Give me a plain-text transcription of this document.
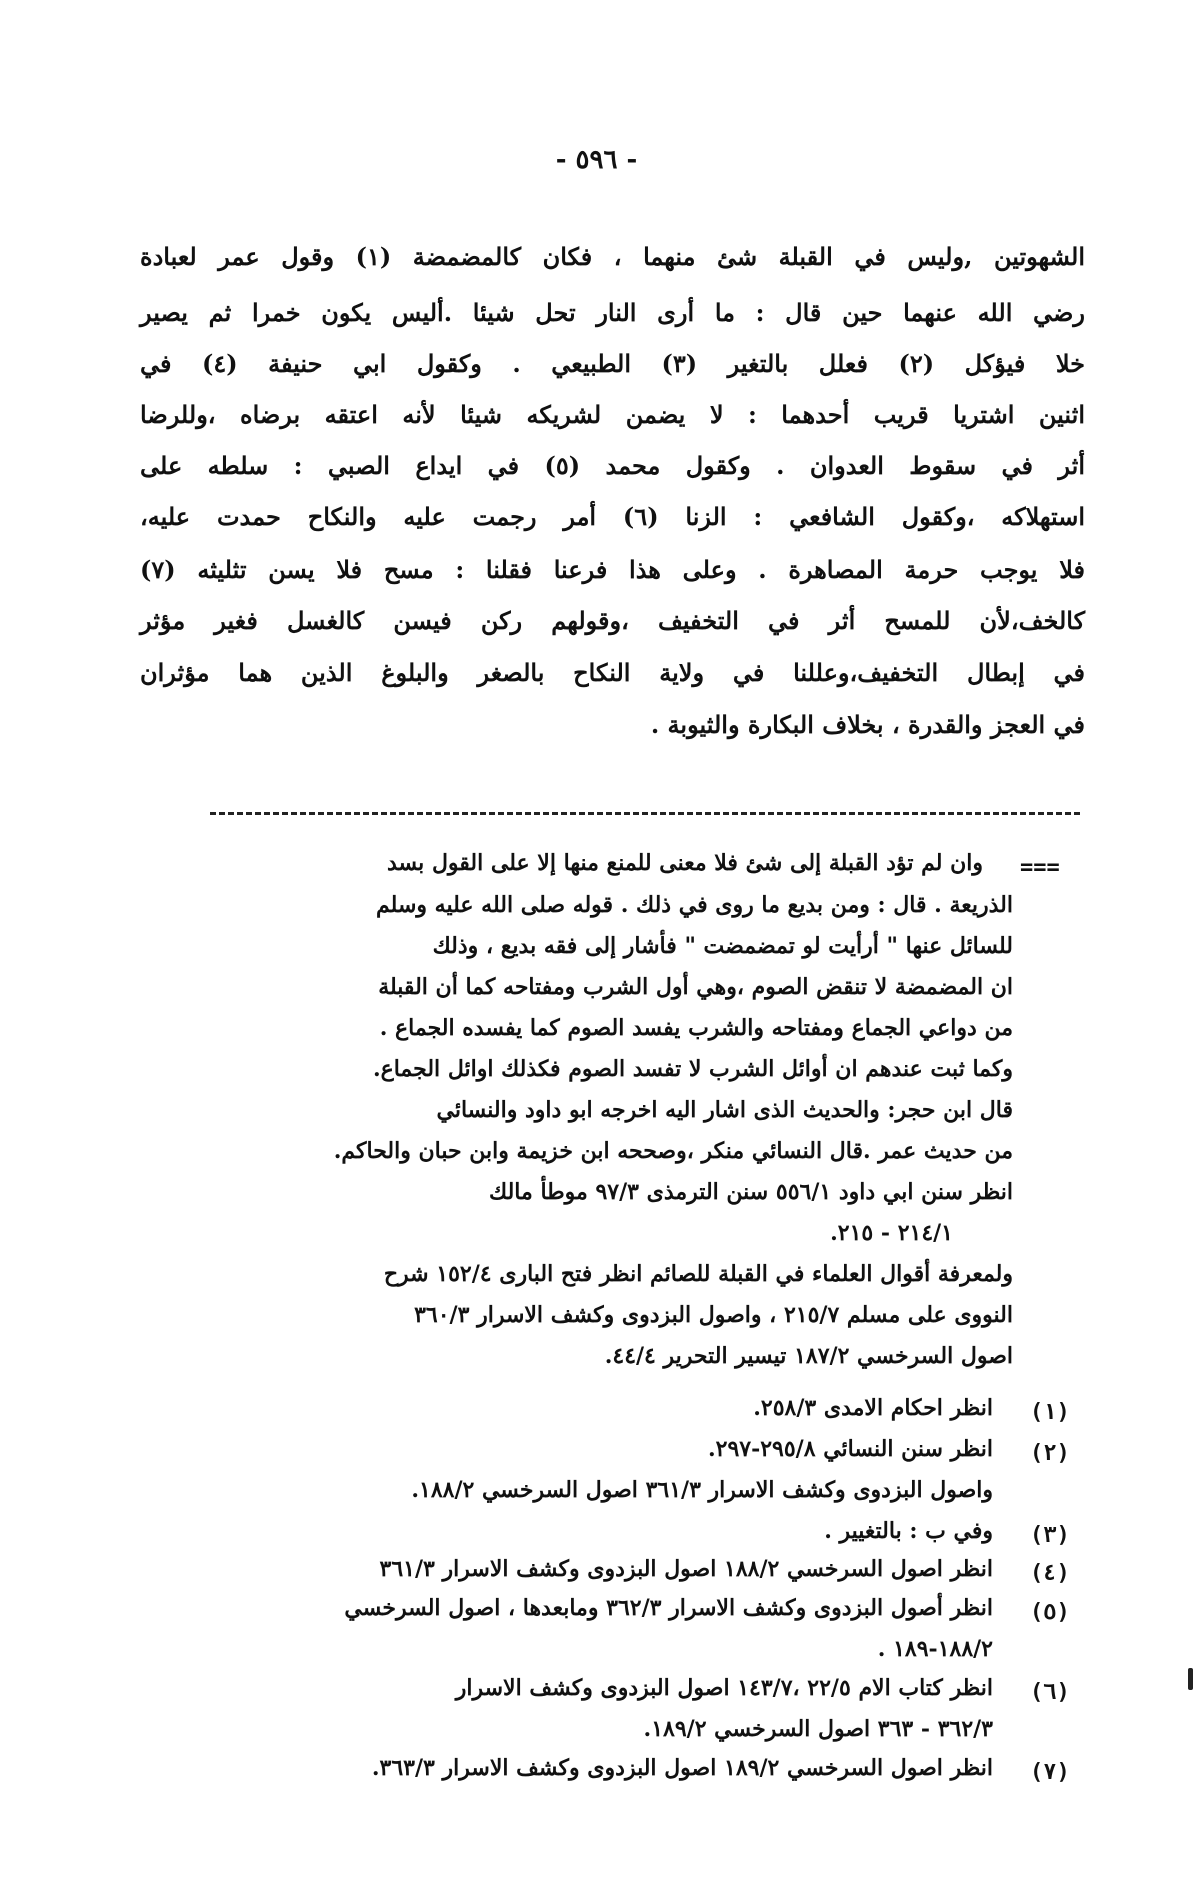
- ٥٩٦ -
الشهوتين ,وليس في القبلة شئ منهما ، فكان كالمضمضة (١) وقول عمر لعبادة
رضي الله عنهما حين قال : ما أرى النار تحل شيئا .أليس يكون خمرا ثم يصير
خلا فيؤكل (٢) فعلل بالتغير (٣) الطبيعي . وكقول ابي حنيفة (٤) في
اثنين اشتريا قريب أحدهما : لا يضمن لشريكه شيئا لأنه اعتقه برضاه ،وللرضا
أثر في سقوط العدوان . وكقول محمد (٥) في ايداع الصبي : سلطه على
استهلاكه ،وكقول الشافعي : الزنا (٦) أمر رجمت عليه والنكاح حمدت عليه،
فلا يوجب حرمة المصاهرة . وعلى هذا فرعنا فقلنا : مسح فلا يسن تثليثه (٧)
كالخف،لأن للمسح أثر في التخفيف ،وقولهم ركن فيسن كالغسل فغير مؤثر
في إبطال التخفيف،وعللنا في ولاية النكاح بالصغر والبلوغ الذين هما مؤثران
في العجز والقدرة ، بخلاف البكارة والثيوبة .
===
وان لم تؤد القبلة إلى شئ فلا معنى للمنع منها إلا على القول بسد
الذريعة . قال : ومن بديع ما روى في ذلك . قوله صلى الله عليه وسلم
للسائل عنها " أرأيت لو تمضمضت " فأشار إلى فقه بديع ، وذلك
ان المضمضة لا تنقض الصوم ،وهي أول الشرب ومفتاحه كما أن القبلة
من دواعي الجماع ومفتاحه والشرب يفسد الصوم كما يفسده الجماع .
وكما ثبت عندهم ان أوائل الشرب لا تفسد الصوم فكذلك اوائل الجماع.
قال ابن حجر: والحديث الذى اشار اليه اخرجه ابو داود والنسائي
من حديث عمر .قال النسائي منكر ،وصححه ابن خزيمة وابن حبان والحاكم.
انظر سنن ابي داود ٥٥٦/١ سنن الترمذى ٩٧/٣ موطأ مالك
٢١٤/١ - ٢١٥.
ولمعرفة أقوال العلماء في القبلة للصائم انظر فتح البارى ١٥٢/٤ شرح
النووى على مسلم ٢١٥/٧ ، واصول البزدوى وكشف الاسرار ٣٦٠/٣
اصول السرخسي ١٨٧/٢ تيسير التحرير ٤٤/٤.
(١)
انظر احكام الامدى ٢٥٨/٣.
(٢)
انظر سنن النسائي ٢٩٥/٨-٢٩٧.
واصول البزدوى وكشف الاسرار ٣٦١/٣ اصول السرخسي ١٨٨/٢.
(٣)
وفي ب : بالتغيير .
(٤)
انظر اصول السرخسي ١٨٨/٢ اصول البزدوى وكشف الاسرار ٣٦١/٣
(٥)
انظر أصول البزدوى وكشف الاسرار ٣٦٢/٣ ومابعدها ، اصول السرخسي
١٨٨/٢-١٨٩ .
(٦)
انظر كتاب الام ٢٢/٥ ،١٤٣/٧ اصول البزدوى وكشف الاسرار
٣٦٢/٣ - ٣٦٣ اصول السرخسي ١٨٩/٢.
(٧)
انظر اصول السرخسي ١٨٩/٢ اصول البزدوى وكشف الاسرار ٣٦٣/٣.
